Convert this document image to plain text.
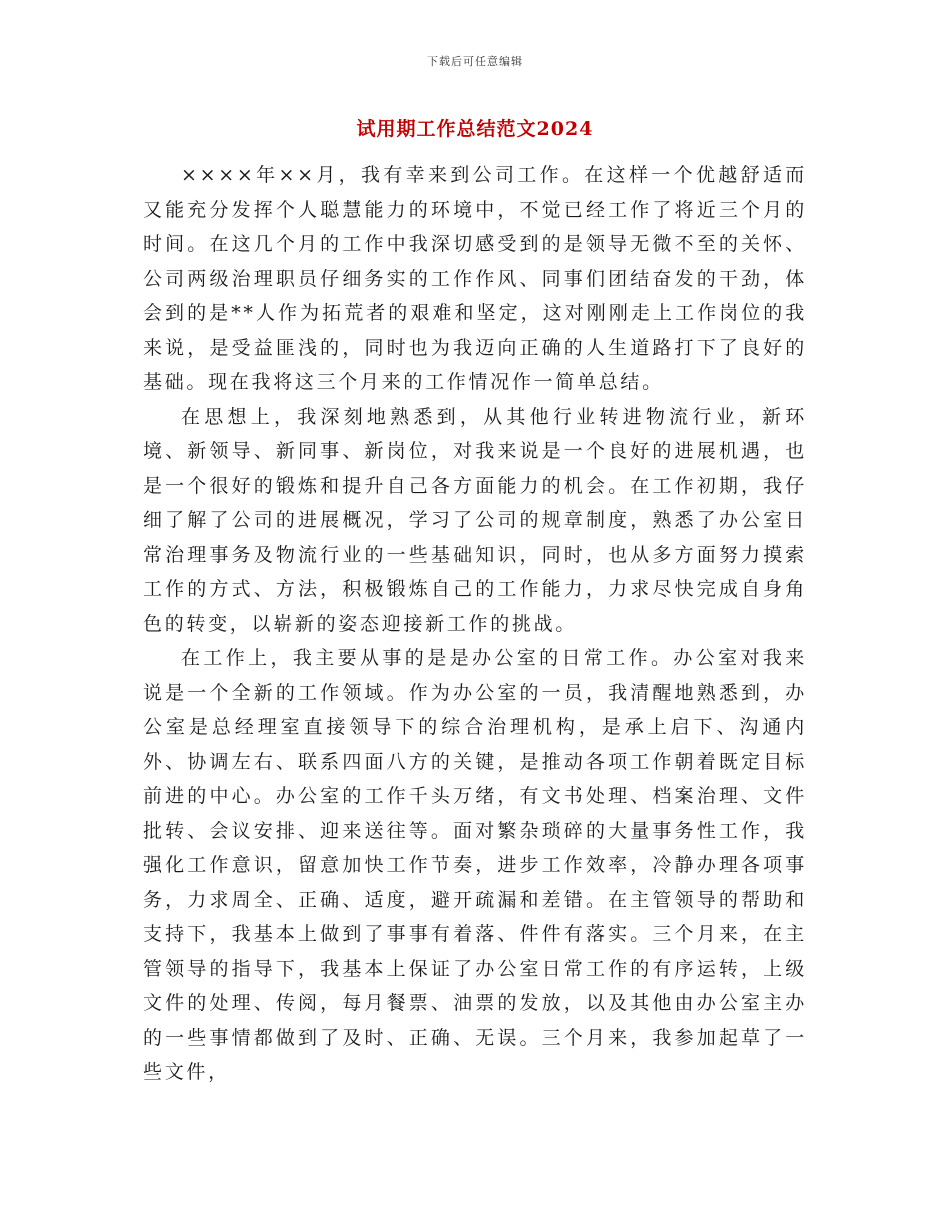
下载后可任意编辑
试用期工作总结范文2024

××××年××月，我有幸来到公司工作。在这样一个优越舒适而又能充分发挥个人聪慧能力的环境中，不觉已经工作了将近三个月的时间。在这几个月的工作中我深切感受到的是领导无微不至的关怀、公司两级治理职员仔细务实的工作作风、同事们团结奋发的干劲，体会到的是**人作为拓荒者的艰难和坚定，这对刚刚走上工作岗位的我来说，是受益匪浅的，同时也为我迈向正确的人生道路打下了良好的基础。现在我将这三个月来的工作情况作一简单总结。

在思想上，我深刻地熟悉到，从其他行业转进物流行业，新环境、新领导、新同事、新岗位，对我来说是一个良好的进展机遇，也是一个很好的锻炼和提升自己各方面能力的机会。在工作初期，我仔细了解了公司的进展概况，学习了公司的规章制度，熟悉了办公室日常治理事务及物流行业的一些基础知识，同时，也从多方面努力摸索工作的方式、方法，积极锻炼自己的工作能力，力求尽快完成自身角色的转变，以崭新的姿态迎接新工作的挑战。

在工作上，我主要从事的是是办公室的日常工作。办公室对我来说是一个全新的工作领域。作为办公室的一员，我清醒地熟悉到，办公室是总经理室直接领导下的综合治理机构，是承上启下、沟通内外、协调左右、联系四面八方的关键，是推动各项工作朝着既定目标前进的中心。办公室的工作千头万绪，有文书处理、档案治理、文件批转、会议安排、迎来送往等。面对繁杂琐碎的大量事务性工作，我强化工作意识，留意加快工作节奏，进步工作效率，冷静办理各项事务，力求周全、正确、适度，避开疏漏和差错。在主管领导的帮助和支持下，我基本上做到了事事有着落、件件有落实。三个月来，在主管领导的指导下，我基本上保证了办公室日常工作的有序运转，上级文件的处理、传阅，每月餐票、油票的发放，以及其他由办公室主办的一些事情都做到了及时、正确、无误。三个月来，我参加起草了一些文件，
